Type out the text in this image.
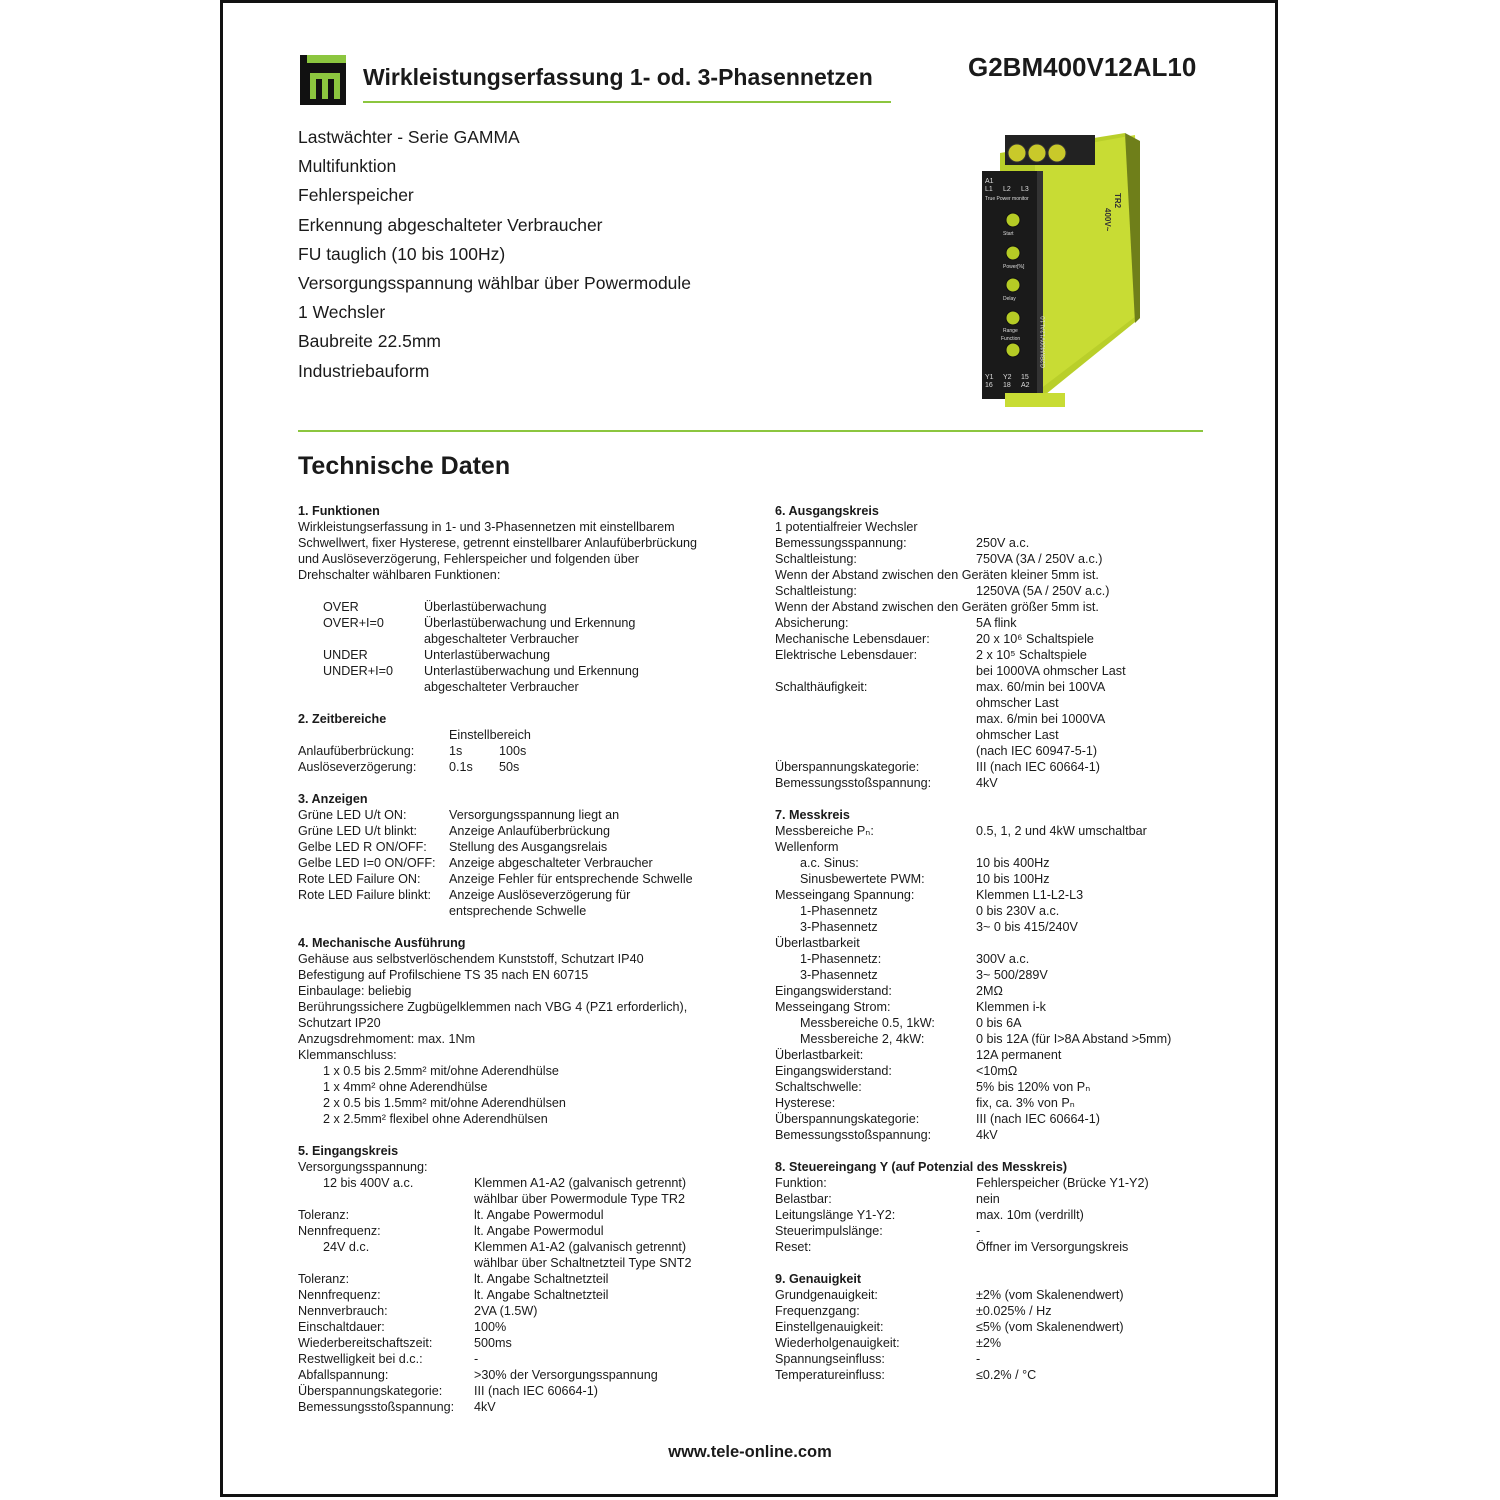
Wirkleistungserfassung 1- od. 3-Phasennetzen	G2BM400V12AL10
Lastwächter - Serie GAMMA
Multifunktion
Fehlerspeicher
Erkennung abgeschalteter Verbraucher
FU tauglich (10 bis 100Hz)
Versorgungsspannung wählbar über Powermodule
1 Wechsler
Baubreite 22.5mm
Industriebauform
A1
L1 L2 L3
True Power monitor
Start
Power[%]
Delay
Range
Function
Y1 Y2 15
16 18 A2
TR2
400V~
G2BM400V12AL10
Technische Daten
1. Funktionen
Wirkleistungserfassung in 1- und 3-Phasennetzen mit einstellbarem
Schwellwert, fixer Hysterese, getrennt einstellbarer Anlaufüberbrückung
und Auslöseverzögerung, Fehlerspeicher und folgenden über
Drehschalter wählbaren Funktionen:
OVER	Überlastüberwachung
OVER+I=0	Überlastüberwachung und Erkennung
abgeschalteter Verbraucher
UNDER	Unterlastüberwachung
UNDER+I=0	Unterlastüberwachung und Erkennung
abgeschalteter Verbraucher
2. Zeitbereiche
Einstellbereich
Anlaufüberbrückung:	1s	100s
Auslöseverzögerung:	0.1s	50s
3. Anzeigen
Grüne LED U/t ON:	Versorgungsspannung liegt an
Grüne LED U/t blinkt:	Anzeige Anlaufüberbrückung
Gelbe LED R ON/OFF:	Stellung des Ausgangsrelais
Gelbe LED I=0 ON/OFF:	Anzeige abgeschalteter Verbraucher
Rote LED Failure ON:	Anzeige Fehler für entsprechende Schwelle
Rote LED Failure blinkt:	Anzeige Auslöseverzögerung für
entsprechende Schwelle
4. Mechanische Ausführung
Gehäuse aus selbstverlöschendem Kunststoff, Schutzart IP40
Befestigung auf Profilschiene TS 35 nach EN 60715
Einbaulage: beliebig
Berührungssichere Zugbügelklemmen nach VBG 4 (PZ1 erforderlich),
Schutzart IP20
Anzugsdrehmoment: max. 1Nm
Klemmanschluss:
1 x 0.5 bis 2.5mm² mit/ohne Aderendhülse
1 x 4mm² ohne Aderendhülse
2 x 0.5 bis 1.5mm² mit/ohne Aderendhülsen
2 x 2.5mm² flexibel ohne Aderendhülsen
5. Eingangskreis
Versorgungsspannung:
12 bis 400V a.c.	Klemmen A1-A2 (galvanisch getrennt)
wählbar über Powermodule Type TR2
Toleranz:	lt. Angabe Powermodul
Nennfrequenz:	lt. Angabe Powermodul
24V d.c.	Klemmen A1-A2 (galvanisch getrennt)
wählbar über Schaltnetzteil Type SNT2
Toleranz:	lt. Angabe Schaltnetzteil
Nennfrequenz:	lt. Angabe Schaltnetzteil
Nennverbrauch:	2VA (1.5W)
Einschaltdauer:	100%
Wiederbereitschaftszeit:	500ms
Restwelligkeit bei d.c.:	-
Abfallspannung:	>30% der Versorgungsspannung
Überspannungskategorie:	III (nach IEC 60664-1)
Bemessungsstoßspannung:	4kV
6. Ausgangskreis
1 potentialfreier Wechsler
Bemessungsspannung:	250V a.c.
Schaltleistung:	750VA (3A / 250V a.c.)
Wenn der Abstand zwischen den Geräten kleiner 5mm ist.
Schaltleistung:	1250VA (5A / 250V a.c.)
Wenn der Abstand zwischen den Geräten größer 5mm ist.
Absicherung:	5A flink
Mechanische Lebensdauer:	20 x 10⁶ Schaltspiele
Elektrische Lebensdauer:	2 x 10⁵ Schaltspiele
bei 1000VA ohmscher Last
Schalthäufigkeit:	max. 60/min bei 100VA
ohmscher Last
max. 6/min bei 1000VA
ohmscher Last
(nach IEC 60947-5-1)
Überspannungskategorie:	III (nach IEC 60664-1)
Bemessungsstoßspannung:	4kV
7. Messkreis
Messbereiche Pₙ:	0.5, 1, 2 und 4kW umschaltbar
Wellenform
a.c. Sinus:	10 bis 400Hz
Sinusbewertete PWM:	10 bis 100Hz
Messeingang Spannung:	Klemmen L1-L2-L3
1-Phasennetz	0 bis 230V a.c.
3-Phasennetz	3~ 0 bis 415/240V
Überlastbarkeit
1-Phasennetz:	300V a.c.
3-Phasennetz	3~ 500/289V
Eingangswiderstand:	2MΩ
Messeingang Strom:	Klemmen i-k
Messbereiche 0.5, 1kW:	0 bis 6A
Messbereiche 2, 4kW:	0 bis 12A (für I>8A Abstand >5mm)
Überlastbarkeit:	12A permanent
Eingangswiderstand:	<10mΩ
Schaltschwelle:	5% bis 120% von Pₙ
Hysterese:	fix, ca. 3% von Pₙ
Überspannungskategorie:	III (nach IEC 60664-1)
Bemessungsstoßspannung:	4kV
8. Steuereingang Y (auf Potenzial des Messkreis)
Funktion:	Fehlerspeicher (Brücke Y1-Y2)
Belastbar:	nein
Leitungslänge Y1-Y2:	max. 10m (verdrillt)
Steuerimpulslänge:	-
Reset:	Öffner im Versorgungskreis
9. Genauigkeit
Grundgenauigkeit:	±2% (vom Skalenendwert)
Frequenzgang:	±0.025% / Hz
Einstellgenauigkeit:	≤5% (vom Skalenendwert)
Wiederholgenauigkeit:	±2%
Spannungseinfluss:	-
Temperatureinfluss:	≤0.2% / °C
www.tele-online.com
